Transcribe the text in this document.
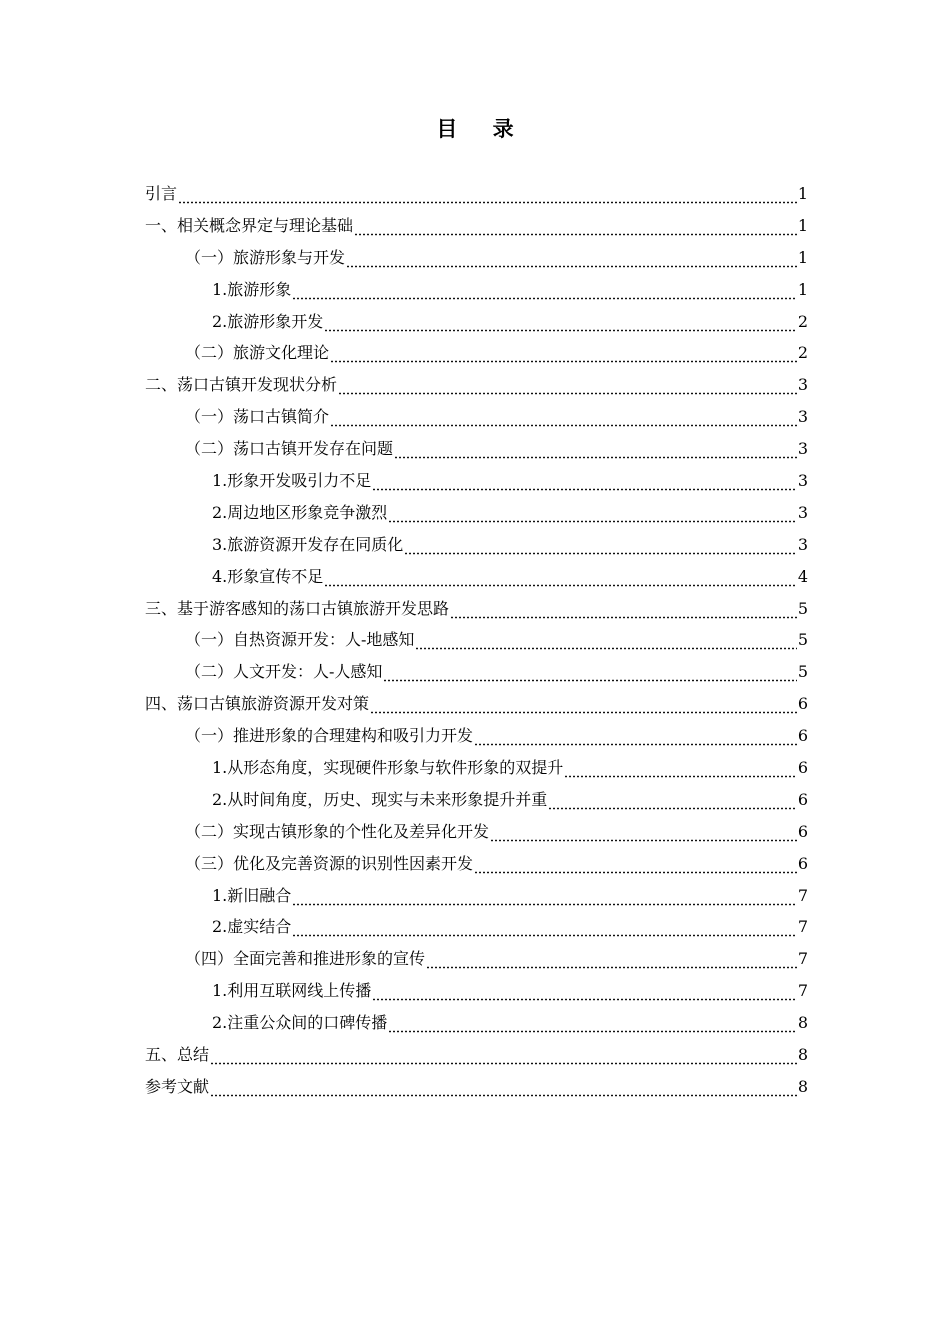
目 录
引言	1
一、相关概念界定与理论基础	1
（一）旅游形象与开发	1
1.旅游形象	1
2.旅游形象开发	2
（二）旅游文化理论	2
二、荡口古镇开发现状分析	3
（一）荡口古镇简介	3
（二）荡口古镇开发存在问题	3
1.形象开发吸引力不足	3
2.周边地区形象竞争激烈	3
3.旅游资源开发存在同质化	3
4.形象宣传不足	4
三、基于游客感知的荡口古镇旅游开发思路	5
（一）自热资源开发：人-地感知	5
（二）人文开发：人-人感知	5
四、荡口古镇旅游资源开发对策	6
（一）推进形象的合理建构和吸引力开发	6
1.从形态角度，实现硬件形象与软件形象的双提升	6
2.从时间角度，历史、现实与未来形象提升并重	6
（二）实现古镇形象的个性化及差异化开发	6
（三）优化及完善资源的识别性因素开发	6
1.新旧融合	7
2.虚实结合	7
（四）全面完善和推进形象的宣传	7
1.利用互联网线上传播	7
2.注重公众间的口碑传播	8
五、总结	8
参考文献	8
